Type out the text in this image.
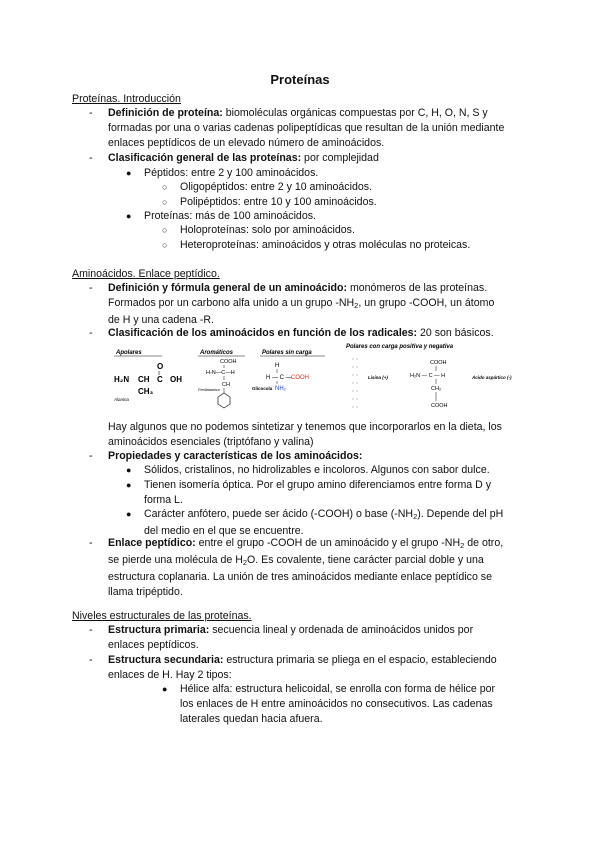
Proteínas
Proteínas. Introducción
- Definición de proteína: biomoléculas orgánicas compuestas por C, H, O, N, S y
formadas por una o varias cadenas polipeptídicas que resultan de la unión mediante
enlaces peptídicos de un elevado número de aminoácidos.
- Clasificación general de las proteínas: por complejidad
● Péptidos: entre 2 y 100 aminoácidos.
○ Oligopéptidos: entre 2 y 10 aminoácidos.
○ Polipéptidos: entre 10 y 100 aminoácidos.
● Proteínas: más de 100 aminoácidos.
○ Holoproteínas: solo por aminoácidos.
○ Heteroproteínas: aminoácidos y otras moléculas no proteicas.
Aminoácidos. Enlace peptídico.
- Definición y fórmula general de un aminoácido: monómeros de las proteínas.
Formados por un carbono alfa unido a un grupo $-NH_2$, un grupo -COOH, un átomo
de H y una cadena -R.
- Clasificación de los aminoácidos en función de los radicales: 20 son básicos.
Apolares	Aromáticos	Polares sin carga
Polares con carga positiva y negativa
O
H₂N CH C OH
CH₃
Alanina
COOH
H-N—C—H
CH
Fenilalanina
H
H — C — COOH
NH₂
Glicocola
Lisina (+)
COOH
H₂N — C — H
CH₂
COOH
Ácido aspártico (-)
Hay algunos que no podemos sintetizar y tenemos que incorporarlos en la dieta, los
aminoácidos esenciales (triptófano y valina)
- Propiedades y características de los aminoácidos:
● Sólidos, cristalinos, no hidrolizables e incoloros. Algunos con sabor dulce.
● Tienen isomería óptica. Por el grupo amino diferenciamos entre forma D y
forma L.
● Carácter anfótero, puede ser ácido (-COOH) o base $(-NH_2)$. Depende del pH
del medio en el que se encuentre.
- Enlace peptídico: entre el grupo -COOH de un aminoácido y el grupo $-NH_2$ de otro,
se pierde una molécula de $H_2O$. Es covalente, tiene carácter parcial doble y una
estructura coplanaria. La unión de tres aminoácidos mediante enlace peptídico se
llama tripéptido.
Niveles estructurales de las proteínas.
- Estructura primaria: secuencia lineal y ordenada de aminoácidos unidos por
enlaces peptídicos.
- Estructura secundaria: estructura primaria se pliega en el espacio, estableciendo
enlaces de H. Hay 2 tipos:
● Hélice alfa: estructura helicoidal, se enrolla con forma de hélice por
los enlaces de H entre aminoácidos no consecutivos. Las cadenas
laterales quedan hacia afuera.
